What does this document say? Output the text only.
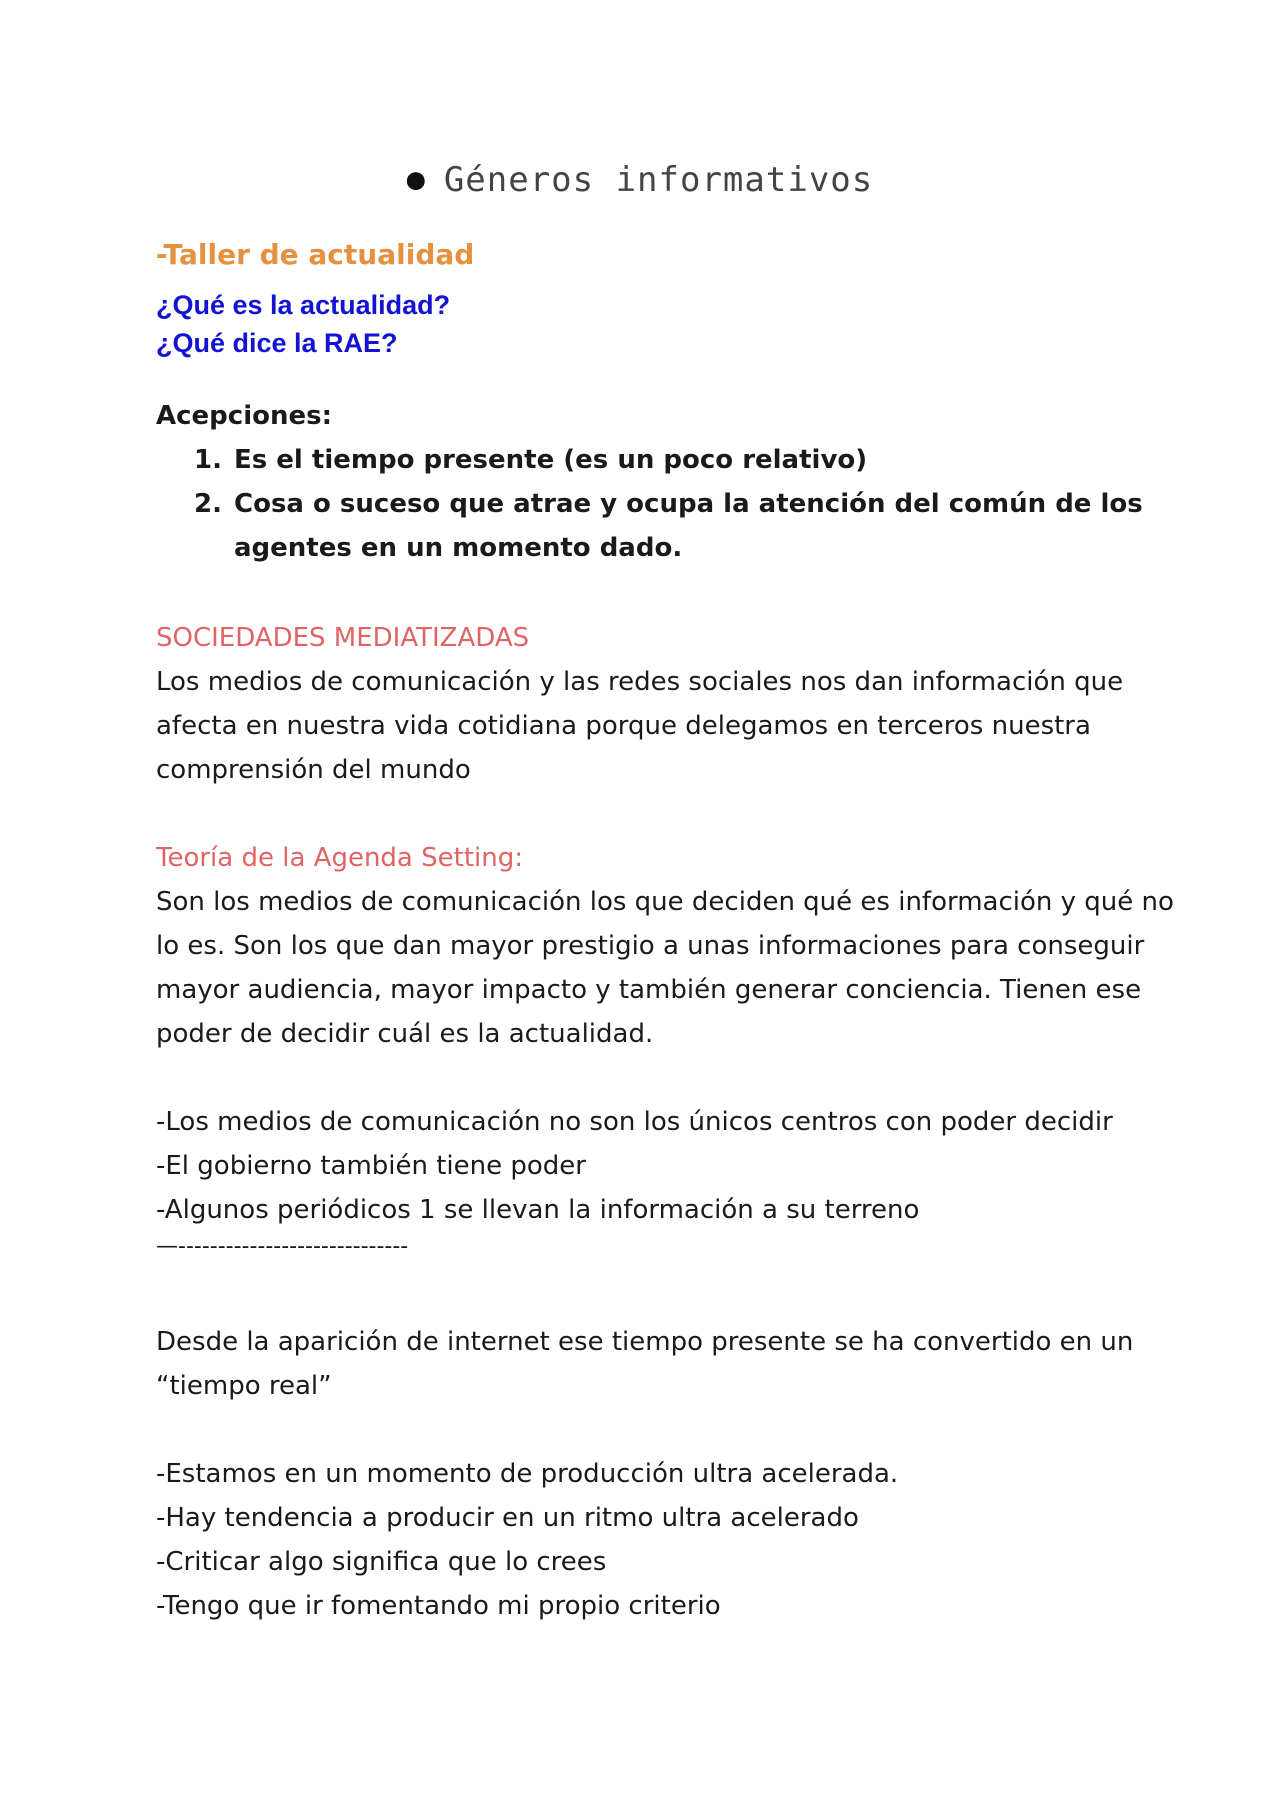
● Géneros informativos
-Taller de actualidad
¿Qué es la actualidad?
¿Qué dice la RAE?
Acepciones:
1. Es el tiempo presente (es un poco relativo)
2. Cosa o suceso que atrae y ocupa la atención del común de los
agentes en un momento dado.
SOCIEDADES MEDIATIZADAS
Los medios de comunicación y las redes sociales nos dan información que
afecta en nuestra vida cotidiana porque delegamos en terceros nuestra
comprensión del mundo
Teoría de la Agenda Setting:
Son los medios de comunicación los que deciden qué es información y qué no
lo es. Son los que dan mayor prestigio a unas informaciones para conseguir
mayor audiencia, mayor impacto y también generar conciencia. Tienen ese
poder de decidir cuál es la actualidad.
-Los medios de comunicación no son los únicos centros con poder decidir
-El gobierno también tiene poder
-Algunos periódicos 1 se llevan la información a su terreno
—-----------------------------
Desde la aparición de internet ese tiempo presente se ha convertido en un
“tiempo real”
-Estamos en un momento de producción ultra acelerada.
-Hay tendencia a producir en un ritmo ultra acelerado
-Criticar algo significa que lo crees
-Tengo que ir fomentando mi propio criterio
